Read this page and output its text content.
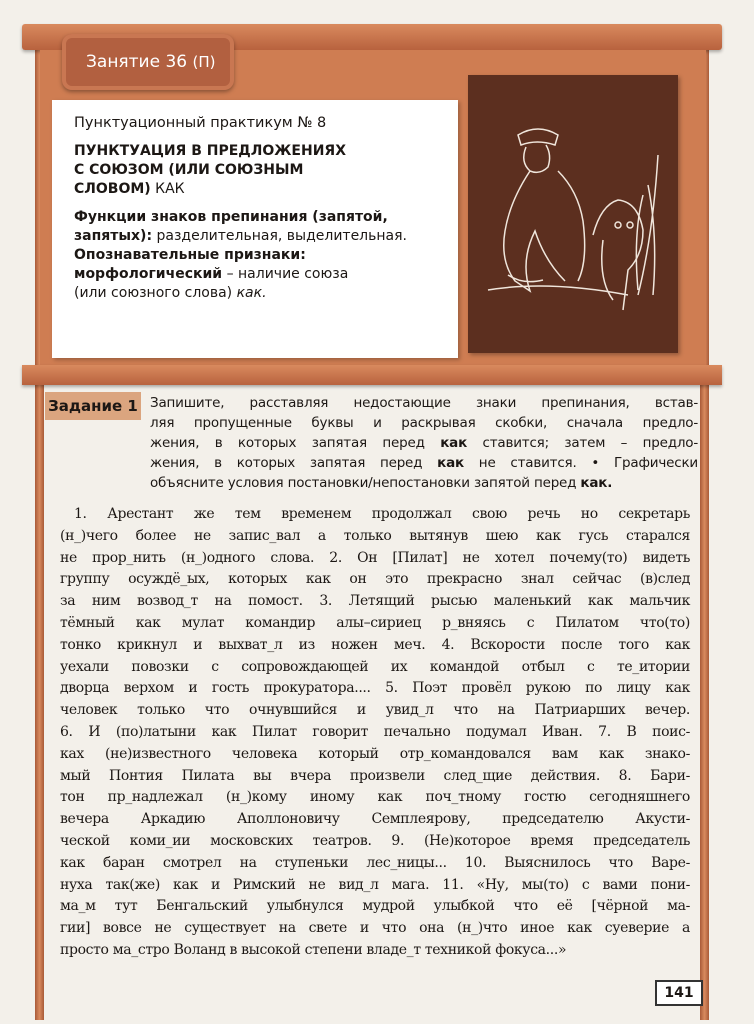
Занятие 36 (П)
Пунктуационный практикум № 8
ПУНКТУАЦИЯ В ПРЕДЛОЖЕНИЯХ
С СОЮЗОМ (ИЛИ СОЮЗНЫМ
СЛОВОМ) КАК
Функции знаков препинания (запятой,
запятых): разделительная, выделительная.
Опознавательные признаки:
морфологический – наличие союза
(или союзного слова) как.
Задание 1 Запишите, расставляя недостающие знаки препинания, встав-
ляя пропущенные буквы и раскрывая скобки, сначала предло-
жения, в которых запятая перед как ставится; затем – предло-
жения, в которых запятая перед как не ставится. • Графически
объясните условия постановки/непостановки запятой перед как.
1. Арестант же тем временем продолжал свою речь но секретарь
(н_)чего более не запис_вал а только вытянув шею как гусь старался
не прор_нить (н_)одного слова. 2. Он [Пилат] не хотел почему(то) видеть
группу осуждё_ых, которых как он это прекрасно знал сейчас (в)след
за ним возвод_т на помост. 3. Летящий рысью маленький как мальчик
тёмный как мулат командир алы–сириец р_вняясь с Пилатом что(то)
тонко крикнул и выхват_л из ножен меч. 4. Вскорости после того как
уехали повозки с сопровождающей их командой отбыл с те_итории
дворца верхом и гость прокуратора.... 5. Поэт провёл рукою по лицу как
человек только что очнувшийся и увид_л что на Патриарших вечер.
6. И (по)латыни как Пилат говорит печально подумал Иван. 7. В поис-
ках (не)известного человека который отр_командовался вам как знако-
мый Понтия Пилата вы вчера произвели след_щие действия. 8. Бари-
тон пр_надлежал (н_)кому иному как поч_тному гостю сегодняшнего
вечера Аркадию Аполлоновичу Семплеярову, председателю Акусти-
ческой коми_ии московских театров. 9. (Не)которое время председатель
как баран смотрел на ступеньки лес_ницы... 10. Выяснилось что Варе-
нуха так(же) как и Римский не вид_л мага. 11. «Ну, мы(то) с вами пони-
ма_м тут Бенгальский улыбнулся мудрой улыбкой что её [чёрной ма-
гии] вовсе не существует на свете и что она (н_)что иное как суеверие а
просто ма_стро Воланд в высокой степени владе_т техникой фокуса...»
141
